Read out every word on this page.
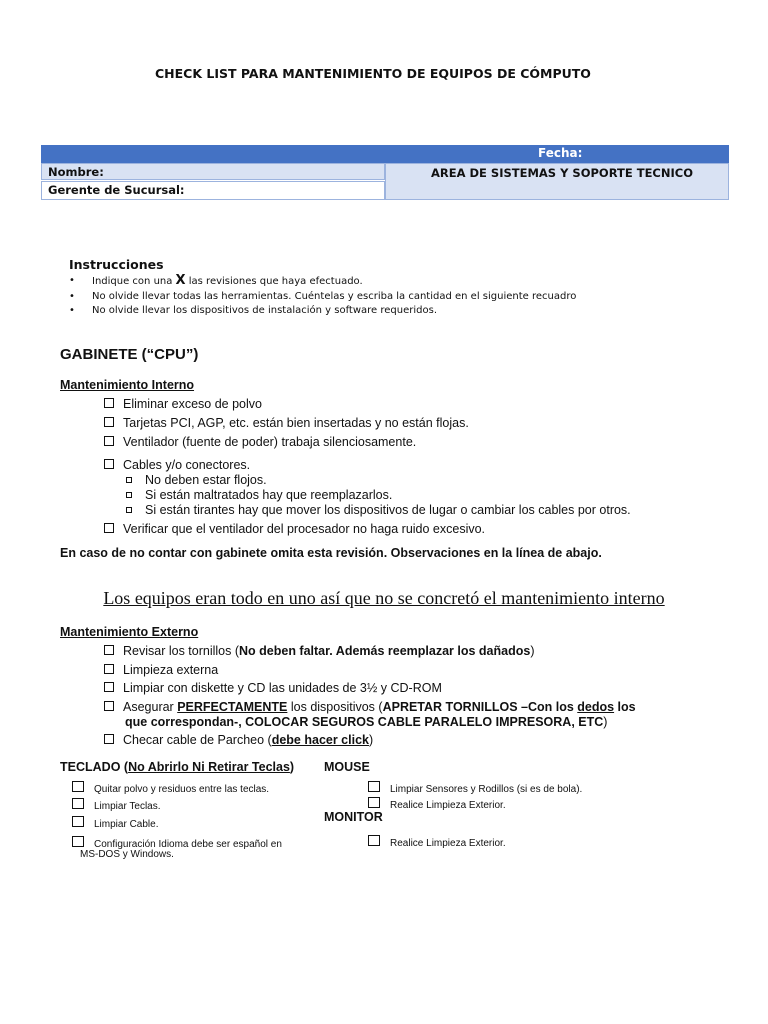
CHECK LIST PARA MANTENIMIENTO DE EQUIPOS DE CÓMPUTO
Fecha:
Nombre:
Gerente de Sucursal:
AREA DE SISTEMAS Y SOPORTE TECNICO
Instrucciones
• Indique con una X las revisiones que haya efectuado.
• No olvide llevar todas las herramientas. Cuéntelas y escriba la cantidad en el siguiente recuadro
• No olvide llevar los dispositivos de instalación y software requeridos.
GABINETE (“CPU”)
Mantenimiento Interno
Eliminar exceso de polvo
Tarjetas PCI, AGP, etc. están bien insertadas y no están flojas.
Ventilador (fuente de poder) trabaja silenciosamente.
Cables y/o conectores.
No deben estar flojos.
Si están maltratados hay que reemplazarlos.
Si están tirantes hay que mover los dispositivos de lugar o cambiar los cables por otros.
Verificar que el ventilador del procesador no haga ruido excesivo.
En caso de no contar con gabinete omita esta revisión. Observaciones en la línea de abajo.
Los equipos eran todo en uno así que no se concretó el mantenimiento interno
Mantenimiento Externo
Revisar los tornillos (No deben faltar. Además reemplazar los dañados)
Limpieza externa
Limpiar con diskette y CD las unidades de 3½ y CD-ROM
Asegurar PERFECTAMENTE los dispositivos (APRETAR TORNILLOS –Con los dedos los
que correspondan-, COLOCAR SEGUROS CABLE PARALELO IMPRESORA, ETC)
Checar cable de Parcheo (debe hacer click)
TECLADO (No Abrirlo Ni Retirar Teclas) MOUSE
Quitar polvo y residuos entre las teclas.
Limpiar Teclas.
Limpiar Cable.
Configuración Idioma debe ser español en
MS-DOS y Windows.
Limpiar Sensores y Rodillos (si es de bola).
Realice Limpieza Exterior.
MONITOR
Realice Limpieza Exterior.
